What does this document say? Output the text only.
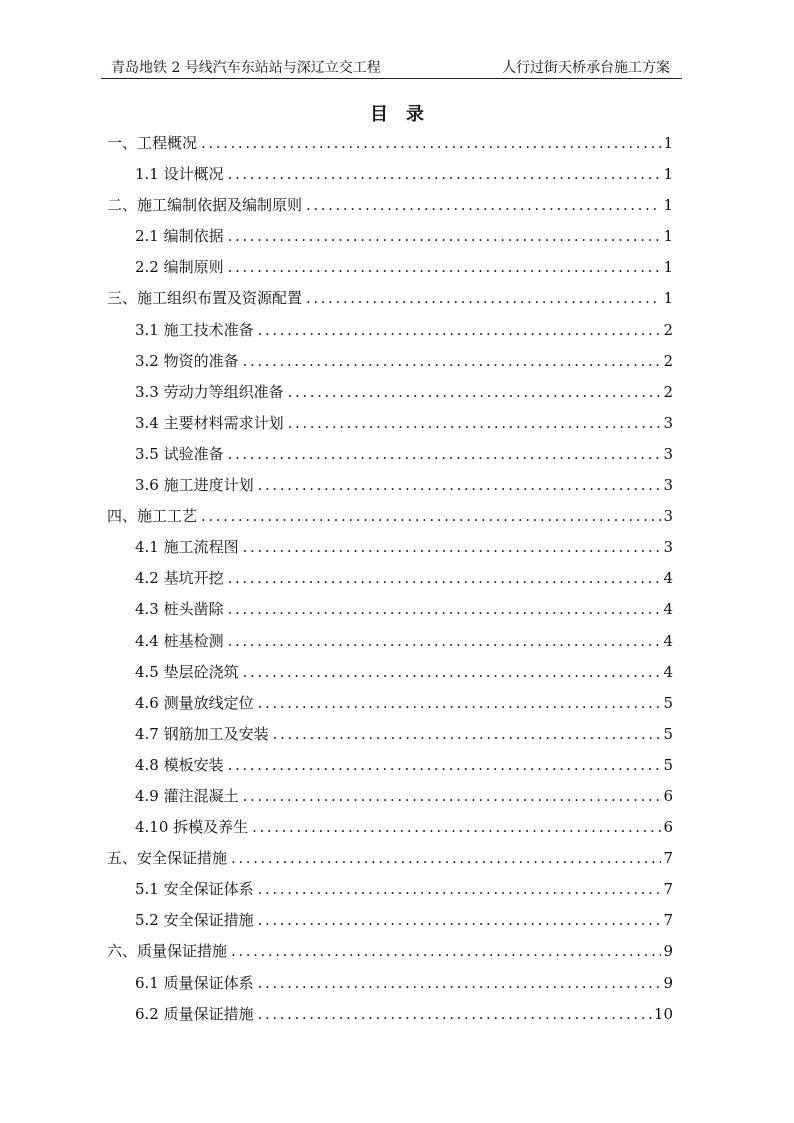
青岛地铁 2 号线汽车东站站与深辽立交工程	人行过街天桥承台施工方案
目录
一、工程概况 .....	1
1.1 设计概况 .....	1
二、施工编制依据及编制原则 .....	1
2.1 编制依据 .....	1
2.2 编制原则 .....	1
三、施工组织布置及资源配置 .....	1
3.1 施工技术准备 .....	2
3.2 物资的准备 .....	2
3.3 劳动力等组织准备 .....	2
3.4 主要材料需求计划 .....	3
3.5 试验准备 .....	3
3.6 施工进度计划 .....	3
四、施工工艺 .....	3
4.1 施工流程图 .....	3
4.2 基坑开挖 .....	4
4.3 桩头凿除 .....	4
4.4 桩基检测 .....	4
4.5 垫层砼浇筑 .....	4
4.6 测量放线定位 .....	5
4.7 钢筋加工及安装 .....	5
4.8 模板安装 .....	5
4.9 灌注混凝土 .....	6
4.10 拆模及养生 .....	6
五、安全保证措施 .....	7
5.1 安全保证体系 .....	7
5.2 安全保证措施 .....	7
六、质量保证措施 .....	9
6.1 质量保证体系 .....	9
6.2 质量保证措施 .....	10
